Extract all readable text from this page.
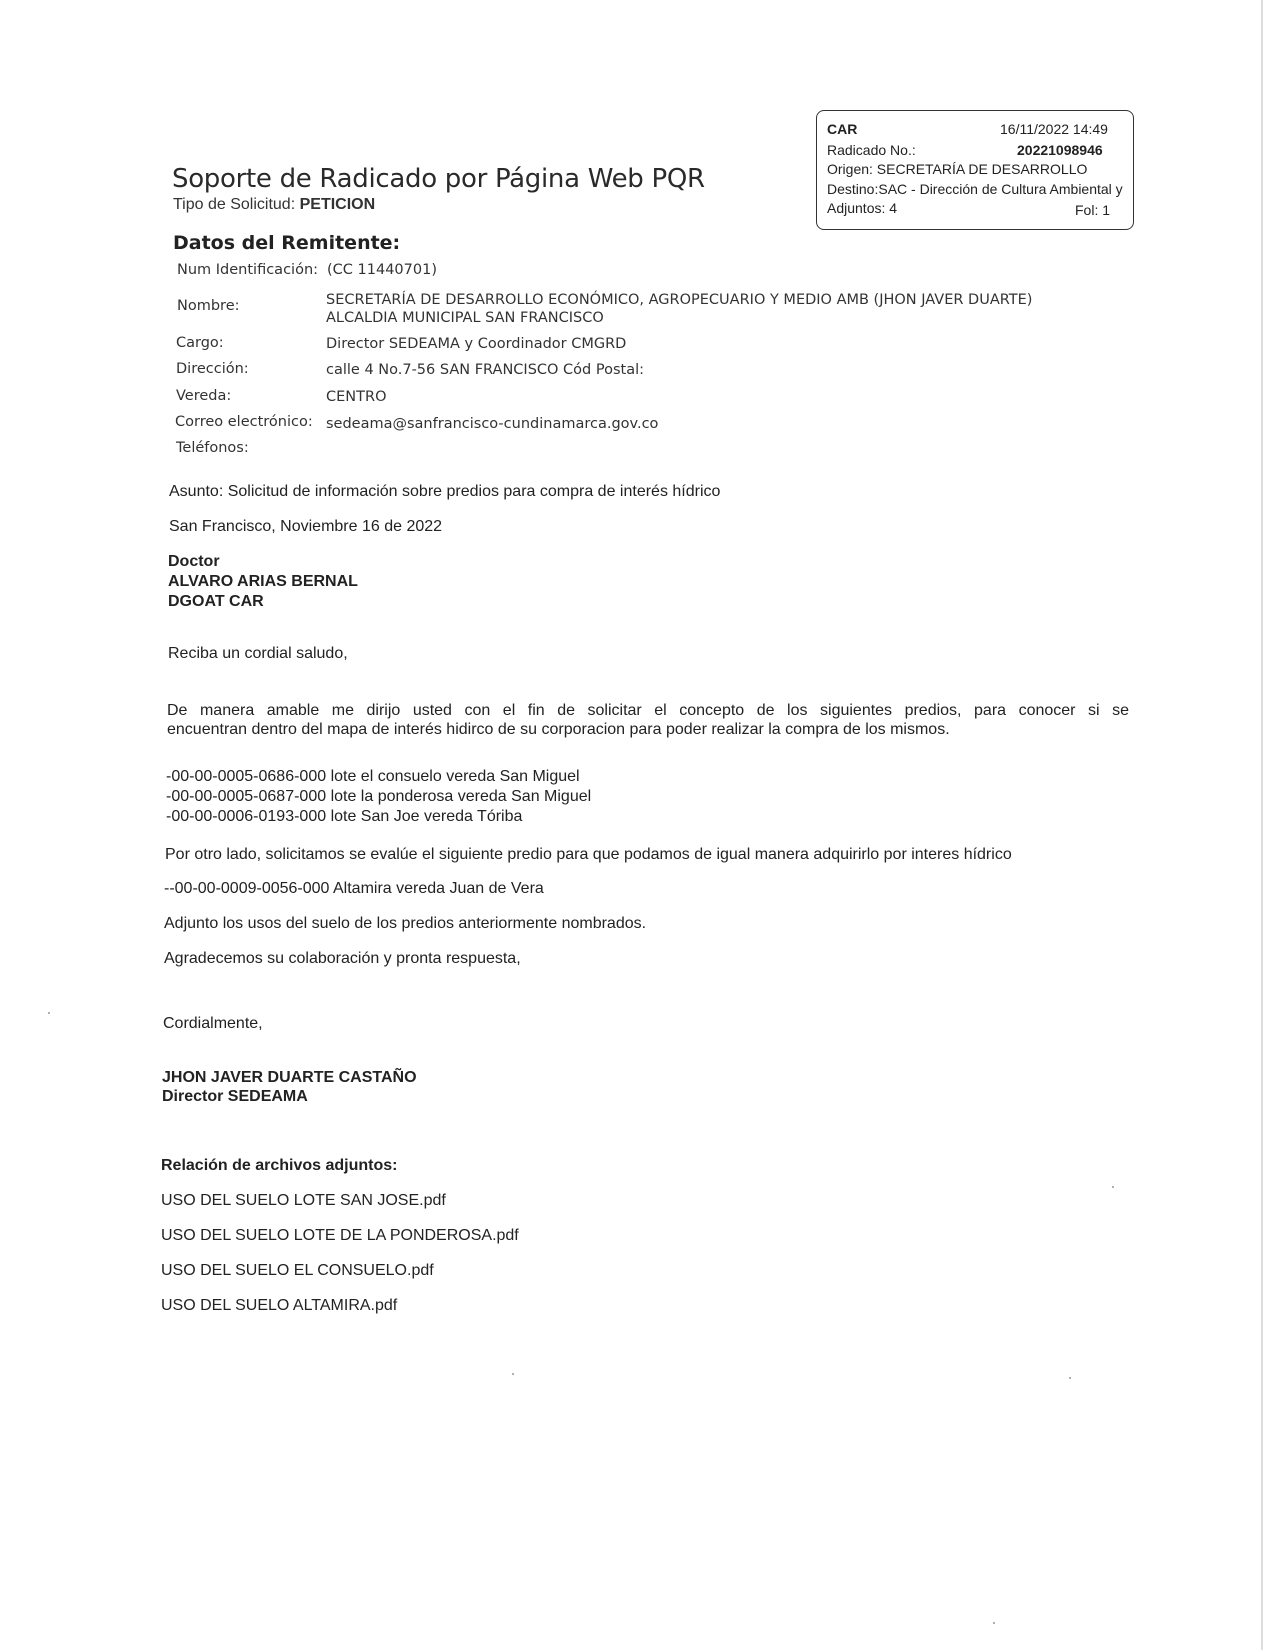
CAR	16/11/2022 14:49
Radicado No.:	20221098946
Origen: SECRETARÍA DE DESARROLLO
Destino:SAC - Dirección de Cultura Ambiental y
Adjuntos: 4	Fol: 1
Soporte de Radicado por Página Web PQR
Tipo de Solicitud: PETICION
Datos del Remitente:
Num Identificación: (CC 11440701)
Nombre:	SECRETARÍA DE DESARROLLO ECONÓMICO, AGROPECUARIO Y MEDIO AMB (JHON JAVER DUARTE)
ALCALDIA MUNICIPAL SAN FRANCISCO
Cargo:	Director SEDEAMA y Coordinador CMGRD
Dirección:	calle 4 No.7-56 SAN FRANCISCO Cód Postal:
Vereda:	CENTRO
Correo electrónico: sedeama@sanfrancisco-cundinamarca.gov.co
Teléfonos:
Asunto: Solicitud de información sobre predios para compra de interés hídrico
San Francisco, Noviembre 16 de 2022
Doctor
ALVARO ARIAS BERNAL
DGOAT CAR
Reciba un cordial saludo,
De manera amable me dirijo usted con el fin de solicitar el concepto de los siguientes predios, para conocer si se
encuentran dentro del mapa de interés hidirco de su corporacion para poder realizar la compra de los mismos.
-00-00-0005-0686-000 lote el consuelo vereda San Miguel
-00-00-0005-0687-000 lote la ponderosa vereda San Miguel
-00-00-0006-0193-000 lote San Joe vereda Tóriba
Por otro lado, solicitamos se evalúe el siguiente predio para que podamos de igual manera adquirirlo por interes hídrico
--00-00-0009-0056-000 Altamira vereda Juan de Vera
Adjunto los usos del suelo de los predios anteriormente nombrados.
Agradecemos su colaboración y pronta respuesta,
Cordialmente,
JHON JAVER DUARTE CASTAÑO
Director SEDEAMA
Relación de archivos adjuntos:
USO DEL SUELO LOTE SAN JOSE.pdf
USO DEL SUELO LOTE DE LA PONDEROSA.pdf
USO DEL SUELO EL CONSUELO.pdf
USO DEL SUELO ALTAMIRA.pdf
